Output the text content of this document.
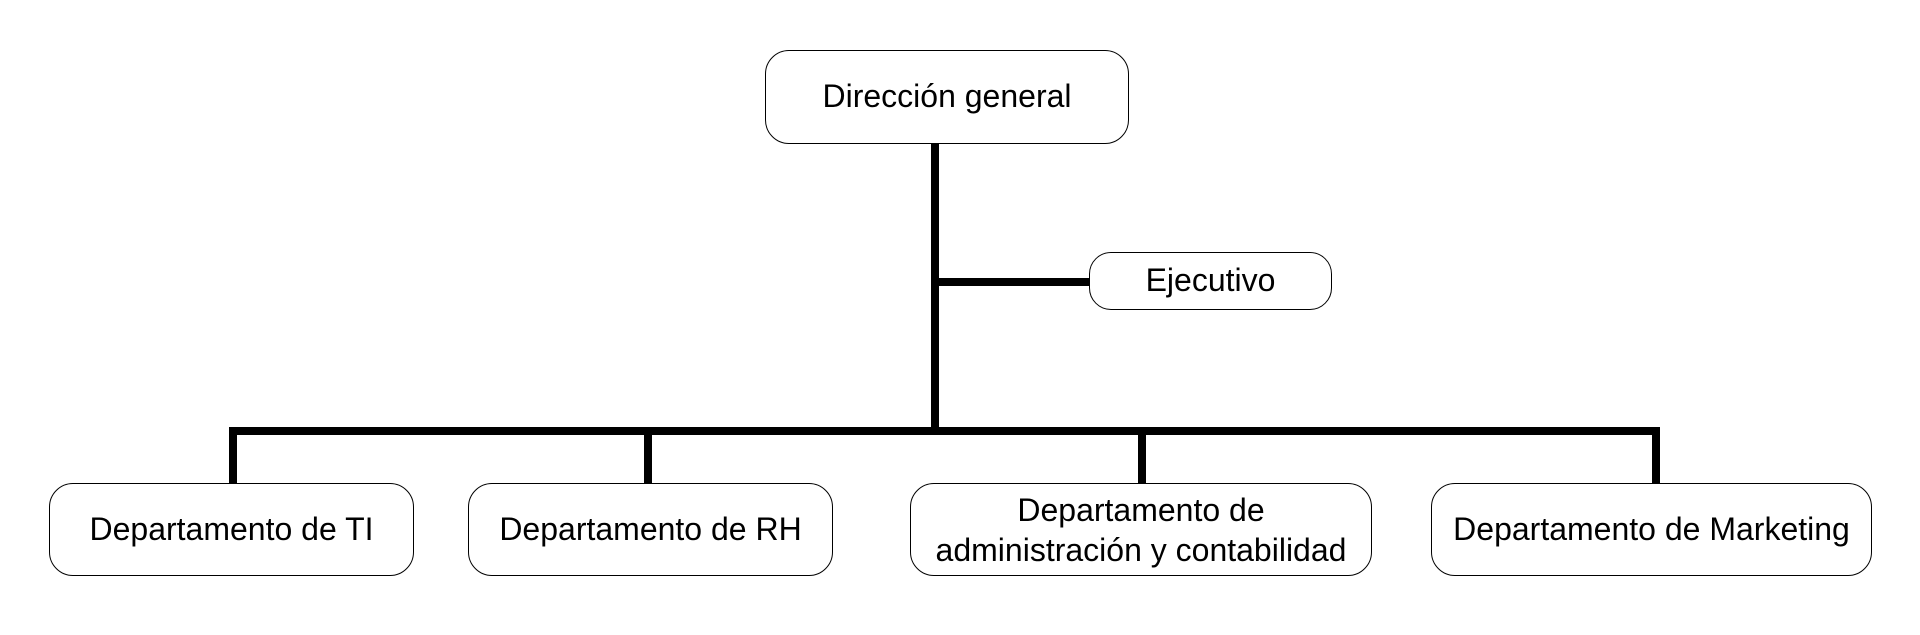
Dirección general
Ejecutivo
Departamento de TI	Departamento de RH
Departamento de
administración y contabilidad
Departamento de Marketing
